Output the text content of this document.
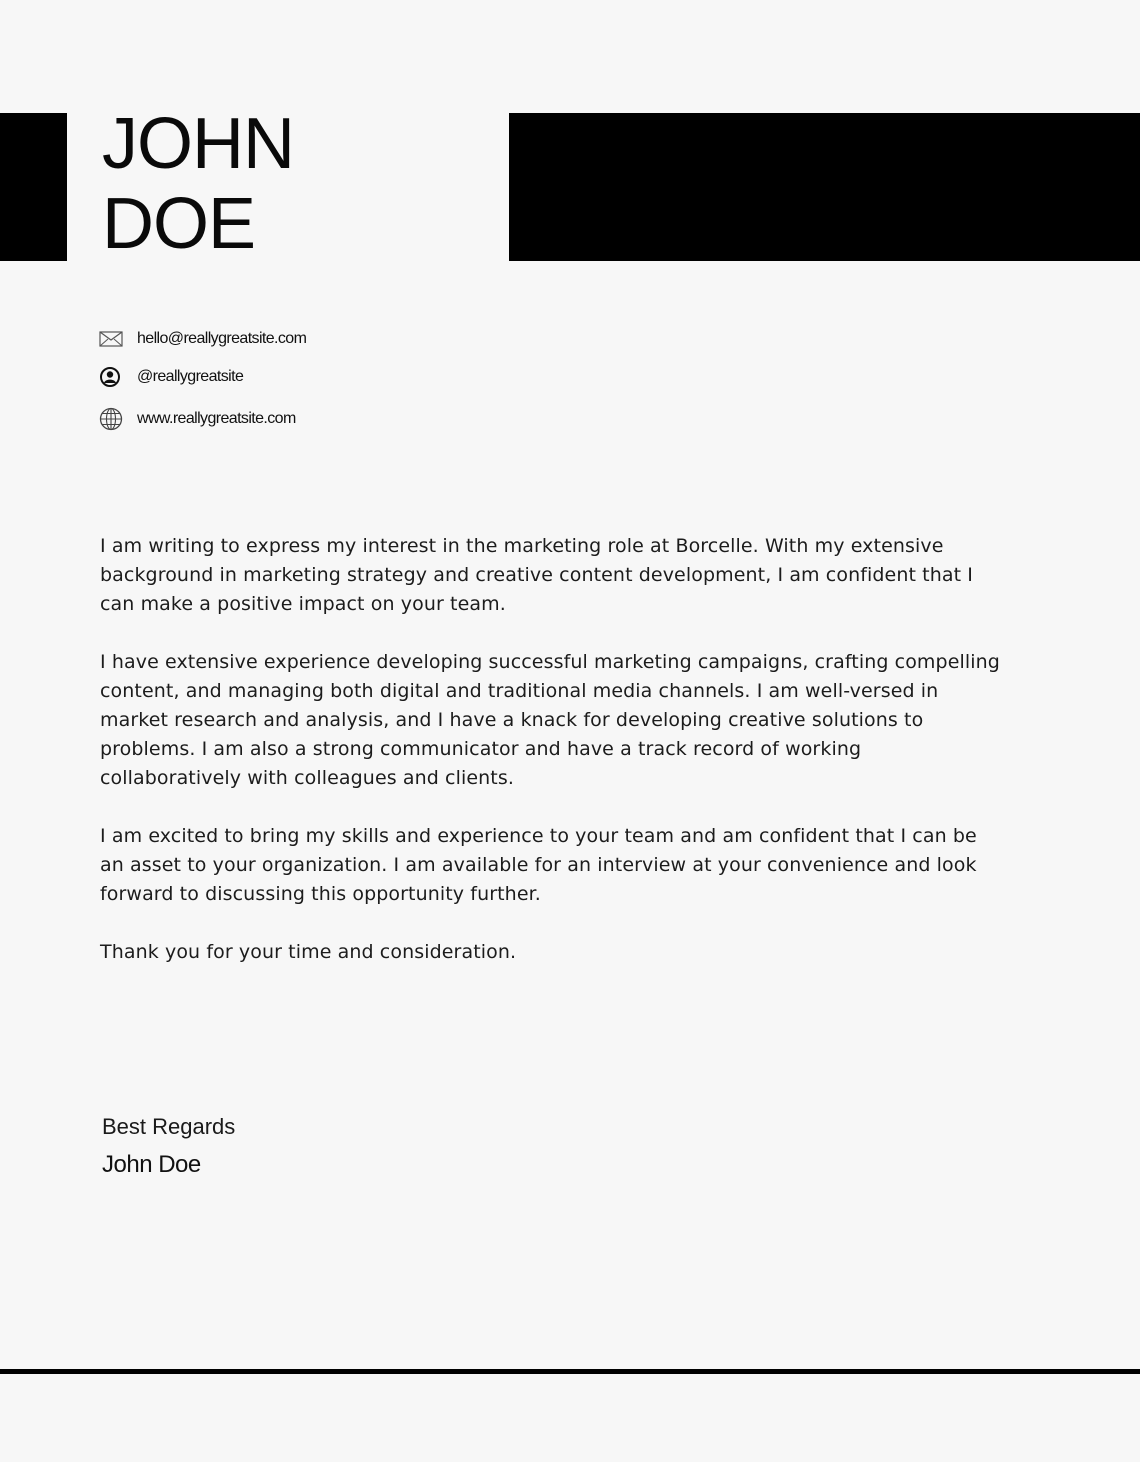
JOHN
DOE
hello@reallygreatsite.com
@reallygreatsite
www.reallygreatsite.com

I am writing to express my interest in the marketing role at Borcelle. With my extensive background in marketing strategy and creative content development, I am confident that I can make a positive impact on your team.

I have extensive experience developing successful marketing campaigns, crafting compelling content, and managing both digital and traditional media channels. I am well-versed in market research and analysis, and I have a knack for developing creative solutions to problems. I am also a strong communicator and have a track record of working collaboratively with colleagues and clients.

I am excited to bring my skills and experience to your team and am confident that I can be an asset to your organization. I am available for an interview at your convenience and look forward to discussing this opportunity further.

Thank you for your time and consideration.

Best Regards
John Doe
